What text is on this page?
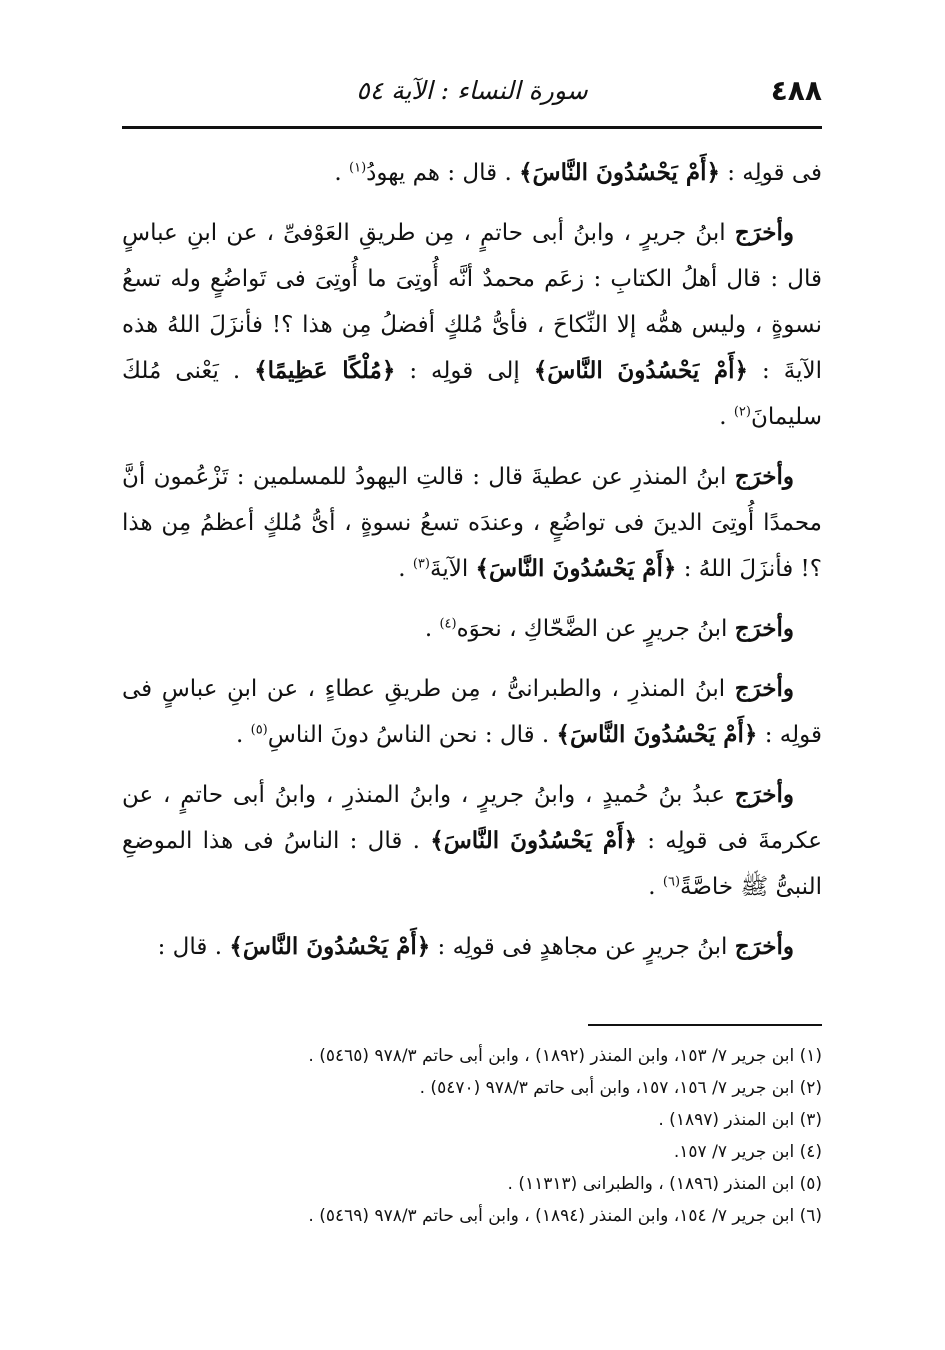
٤٨٨
سورة النساء : الآية ٥٤

فى قولِه : ﴿أَمْ يَحْسُدُونَ النَّاسَ﴾ . قال : هم يهودُ$^{(١)}$ .

وأخرَج ابنُ جريرٍ ، وابنُ أبى حاتمٍ ، مِن طريقِ العَوْفىِّ ، عن ابنِ عباسٍ قال : قال أهلُ الكتابِ : زعَم محمدٌ أنَّه أُوتِىَ ما أُوتِىَ فى تَواضُعٍ وله تسعُ نسوةٍ ، وليس همُّه إلا النِّكاحَ ، فأىُّ مُلكٍ أفضلُ مِن هذا ؟! فأنزَلَ اللهُ هذه الآيةَ : ﴿أَمْ يَحْسُدُونَ النَّاسَ﴾ إلى قولِه : ﴿مُلْكًا عَظِيمًا﴾ . يَعْنى مُلكَ سليمانَ$^{(٢)}$ .

وأخرَج ابنُ المنذرِ عن عطيةَ قال : قالتِ اليهودُ للمسلمين : تَزْعُمون أنَّ محمدًا أُوتِىَ الدينَ فى تواضُعٍ ، وعندَه تسعُ نسوةٍ ، أىُّ مُلكٍ أعظمُ مِن هذا ؟! فأنزَلَ اللهُ : ﴿أَمْ يَحْسُدُونَ النَّاسَ﴾ الآيةَ$^{(٣)}$ .

وأخرَج ابنُ جريرٍ عن الضَّحّاكِ ، نحوَه$^{(٤)}$ .

وأخرَج ابنُ المنذرِ ، والطبرانىُّ ، مِن طريقِ عطاءٍ ، عن ابنِ عباسٍ فى قولِه : ﴿أَمْ يَحْسُدُونَ النَّاسَ﴾ . قال : نحن الناسُ دونَ الناسِ$^{(٥)}$ .

وأخرَج عبدُ بنُ حُميدٍ ، وابنُ جريرٍ ، وابنُ المنذرِ ، وابنُ أبى حاتمٍ ، عن عكرمةَ فى قولِه : ﴿أَمْ يَحْسُدُونَ النَّاسَ﴾ . قال : الناسُ فى هذا الموضعِ النبىُّ ﷺ خاصَّةً$^{(٦)}$ .

وأخرَج ابنُ جريرٍ عن مجاهدٍ فى قولِه : ﴿أَمْ يَحْسُدُونَ النَّاسَ﴾ . قال :

(١) ابن جرير ٧/ ١٥٣، وابن المنذر (١٨٩٢) ، وابن أبى حاتم ٩٧٨/٣ (٥٤٦٥) .
(٢) ابن جرير ٧/ ١٥٦، ١٥٧، وابن أبى حاتم ٩٧٨/٣ (٥٤٧٠) .
(٣) ابن المنذر (١٨٩٧) .
(٤) ابن جرير ٧/ ١٥٧.
(٥) ابن المنذر (١٨٩٦) ، والطبرانى (١١٣١٣) .
(٦) ابن جرير ٧/ ١٥٤، وابن المنذر (١٨٩٤) ، وابن أبى حاتم ٩٧٨/٣ (٥٤٦٩) .
